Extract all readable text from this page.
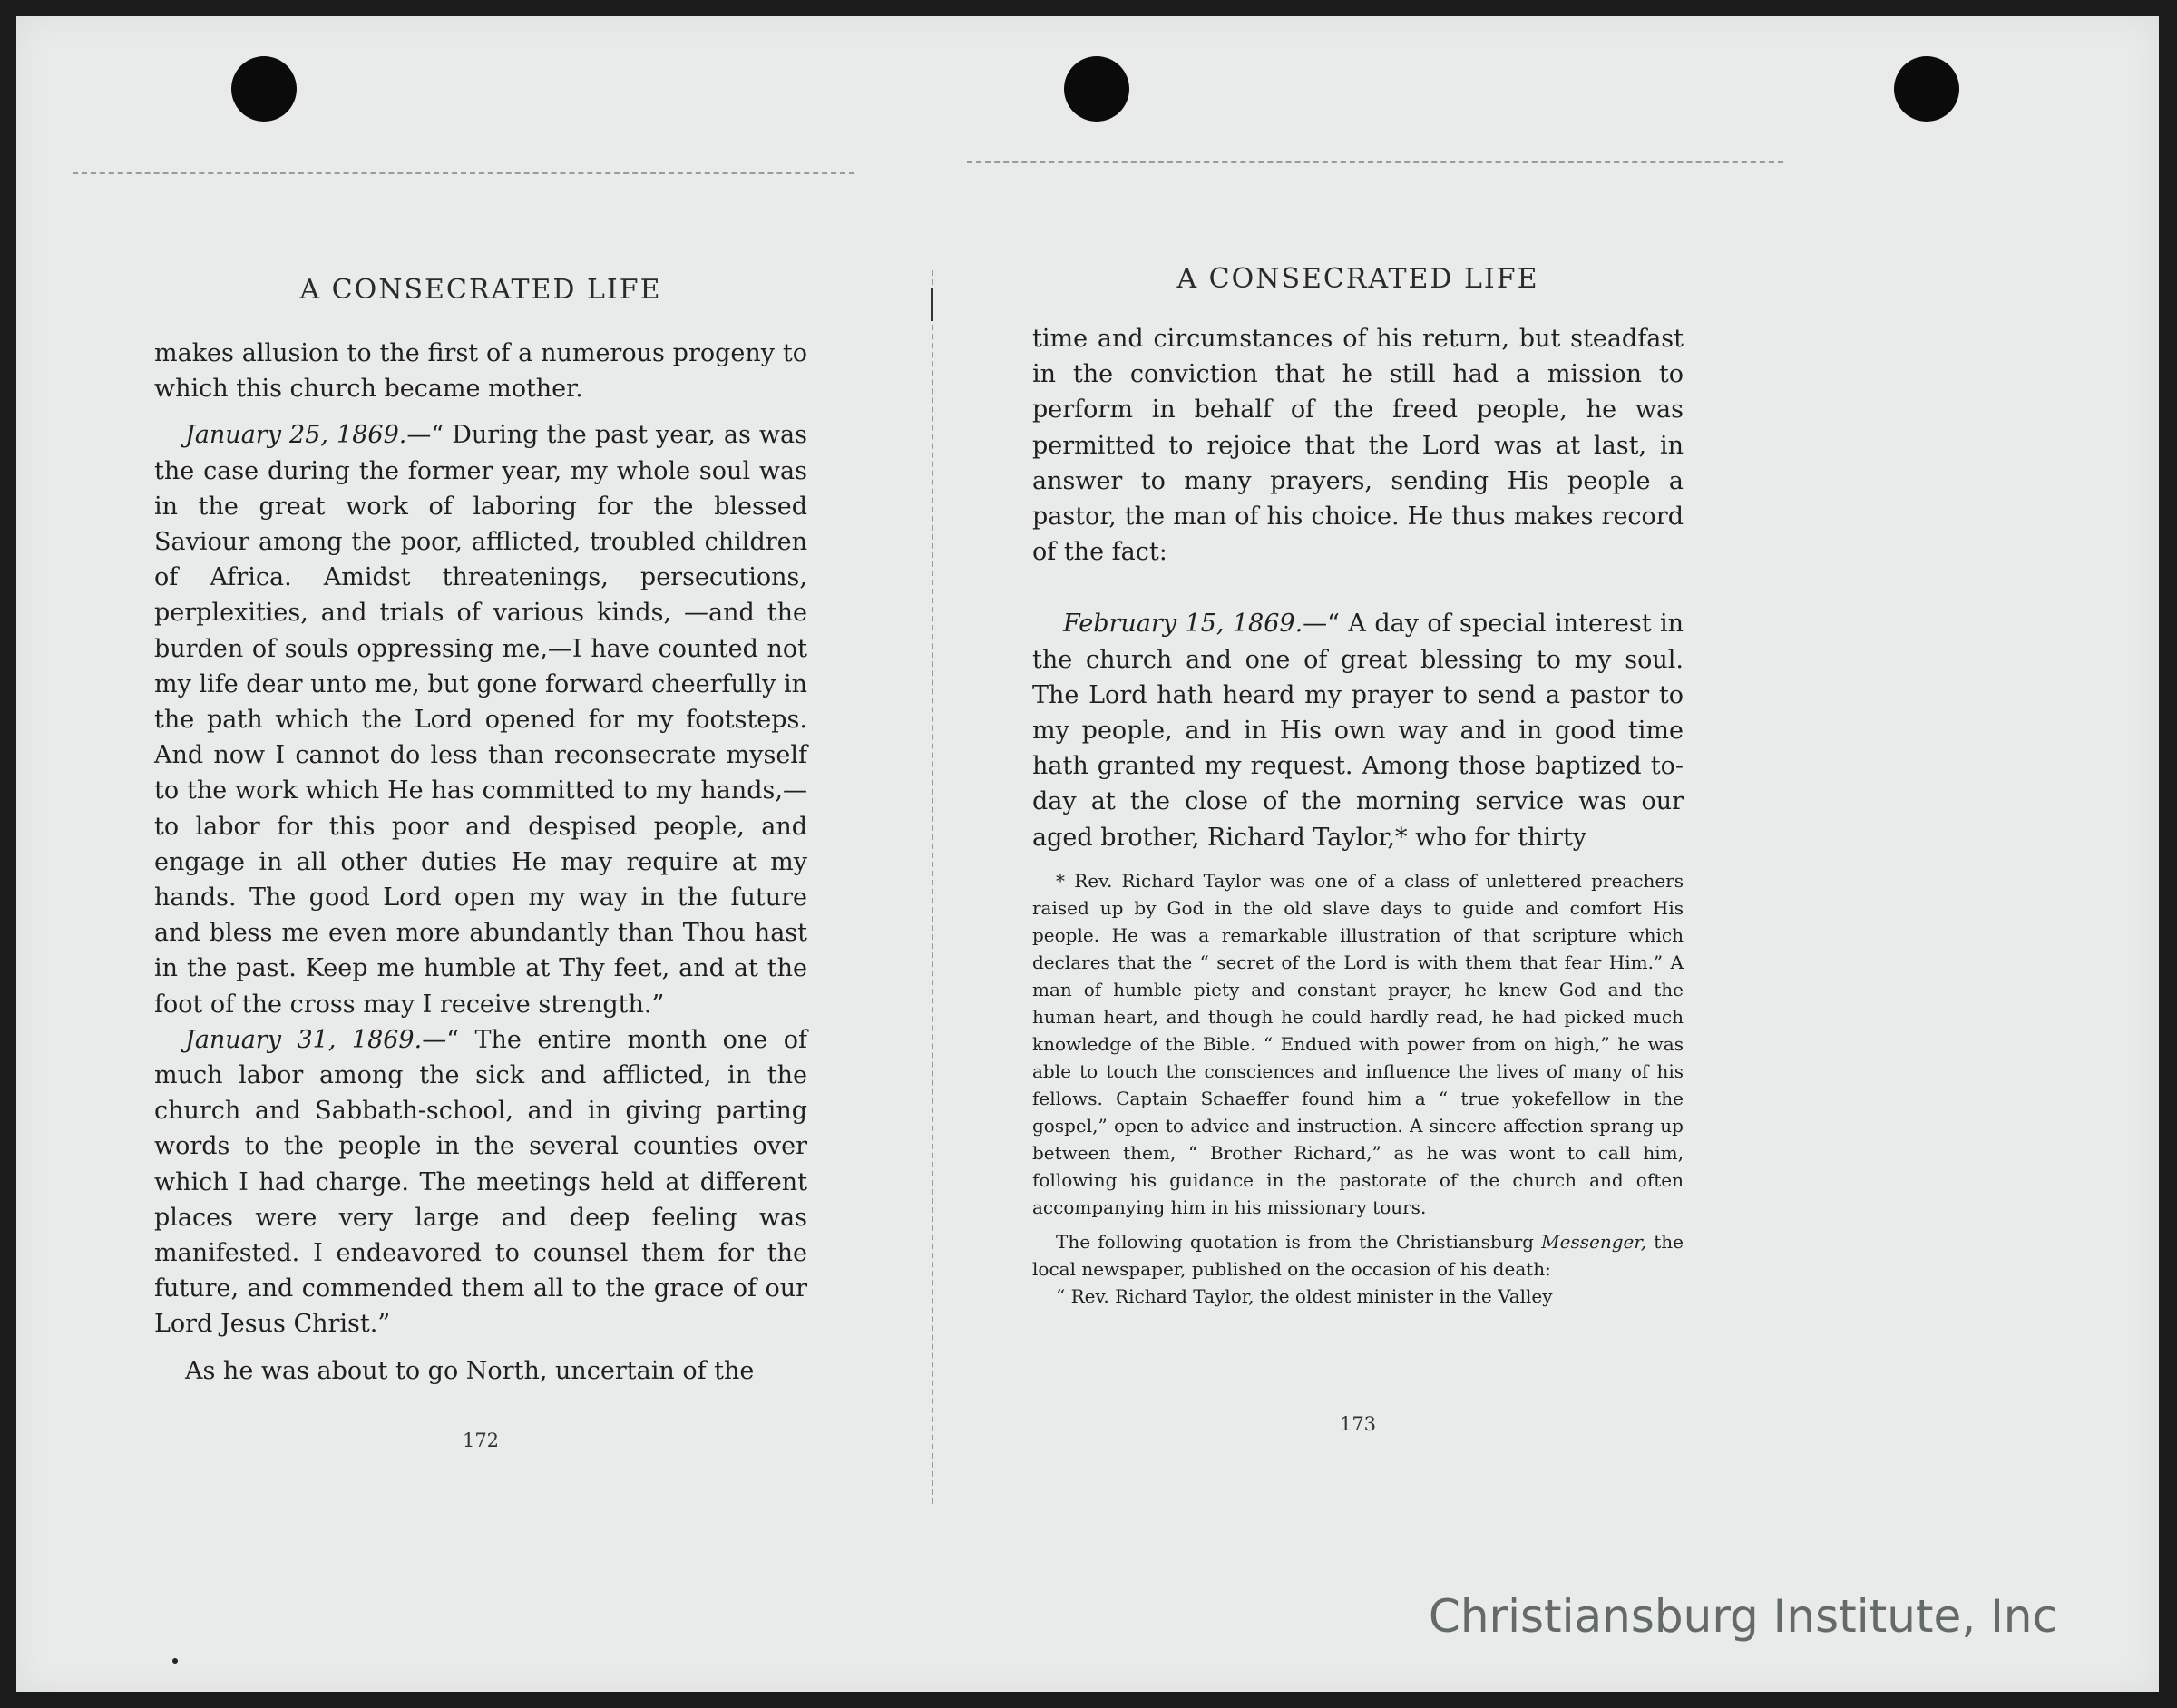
A CONSECRATED LIFE

makes allusion to the first of a numerous progeny to which this church became mother.

January 25, 1869.—“ During the past year, as was the case during the former year, my whole soul was in the great work of laboring for the blessed Saviour among the poor, afflicted, troubled children of Africa. Amidst threatenings, persecutions, perplexities, and trials of various kinds, —and the burden of souls oppressing me,—I have counted not my life dear unto me, but gone forward cheerfully in the path which the Lord opened for my footsteps. And now I cannot do less than reconsecrate myself to the work which He has committed to my hands,—to labor for this poor and despised people, and engage in all other duties He may require at my hands. The good Lord open my way in the future and bless me even more abundantly than Thou hast in the past. Keep me humble at Thy feet, and at the foot of the cross may I receive strength.”

January 31, 1869.—“ The entire month one of much labor among the sick and afflicted, in the church and Sabbath-school, and in giving parting words to the people in the several counties over which I had charge. The meetings held at different places were very large and deep feeling was manifested. I endeavored to counsel them for the future, and commended them all to the grace of our Lord Jesus Christ.”

As he was about to go North, uncertain of the

172

A CONSECRATED LIFE

time and circumstances of his return, but steadfast in the conviction that he still had a mission to perform in behalf of the freed people, he was permitted to rejoice that the Lord was at last, in answer to many prayers, sending His people a pastor, the man of his choice. He thus makes record of the fact:

February 15, 1869.—“ A day of special interest in the church and one of great blessing to my soul. The Lord hath heard my prayer to send a pastor to my people, and in His own way and in good time hath granted my request. Among those baptized to-day at the close of the morning service was our aged brother, Richard Taylor,* who for thirty

* Rev. Richard Taylor was one of a class of unlettered preachers raised up by God in the old slave days to guide and comfort His people. He was a remarkable illustration of that scripture which declares that the “ secret of the Lord is with them that fear Him.” A man of humble piety and constant prayer, he knew God and the human heart, and though he could hardly read, he had picked much knowledge of the Bible. “ Endued with power from on high,” he was able to touch the consciences and influence the lives of many of his fellows. Captain Schaeffer found him a “ true yokefellow in the gospel,” open to advice and instruction. A sincere affection sprang up between them, “ Brother Richard,” as he was wont to call him, following his guidance in the pastorate of the church and often accompanying him in his missionary tours.

The following quotation is from the Christiansburg Messenger, the local newspaper, published on the occasion of his death:

“ Rev. Richard Taylor, the oldest minister in the Valley

173

Christiansburg Institute, Inc
